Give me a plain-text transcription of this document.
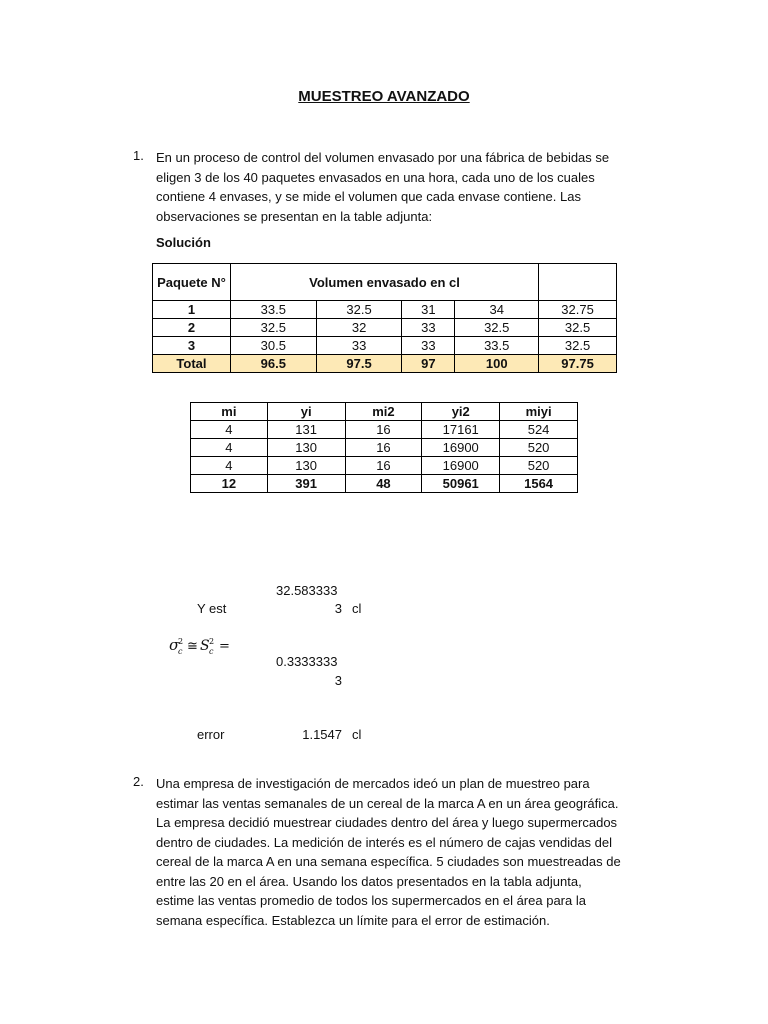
MUESTREO AVANZADO
1. En un proceso de control del volumen envasado por una fábrica de bebidas se
eligen 3 de los 40 paquetes envasados en una hora, cada uno de los cuales
contiene 4 envases, y se mide el volumen que cada envase contiene. Las
observaciones se presentan en la table adjunta:
Solución
Paquete N°	Volumen envasado en cl				
1	33.5	32.5	31	34	32.75
2	32.5	32	33	32.5	32.5
3	30.5	33	33	33.5	32.5
Total	96.5	97.5	97	100	97.75
mi	yi	mi2	yi2	miyi
4	131	16	17161	524
4	130	16	16900	520
4	130	16	16900	520
12	391	48	50961	1564
32.583333
Y est	3 cl
σ
2
c ≅ S 2
c =
0.3333333
3
error	1.1547 cl
2. Una empresa de investigación de mercados ideó un plan de muestreo para
estimar las ventas semanales de un cereal de la marca A en un área geográfica.
La empresa decidió muestrear ciudades dentro del área y luego supermercados
dentro de ciudades. La medición de interés es el número de cajas vendidas del
cereal de la marca A en una semana específica. 5 ciudades son muestreadas de
entre las 20 en el área. Usando los datos presentados en la tabla adjunta,
estime las ventas promedio de todos los supermercados en el área para la
semana específica. Establezca un límite para el error de estimación.
